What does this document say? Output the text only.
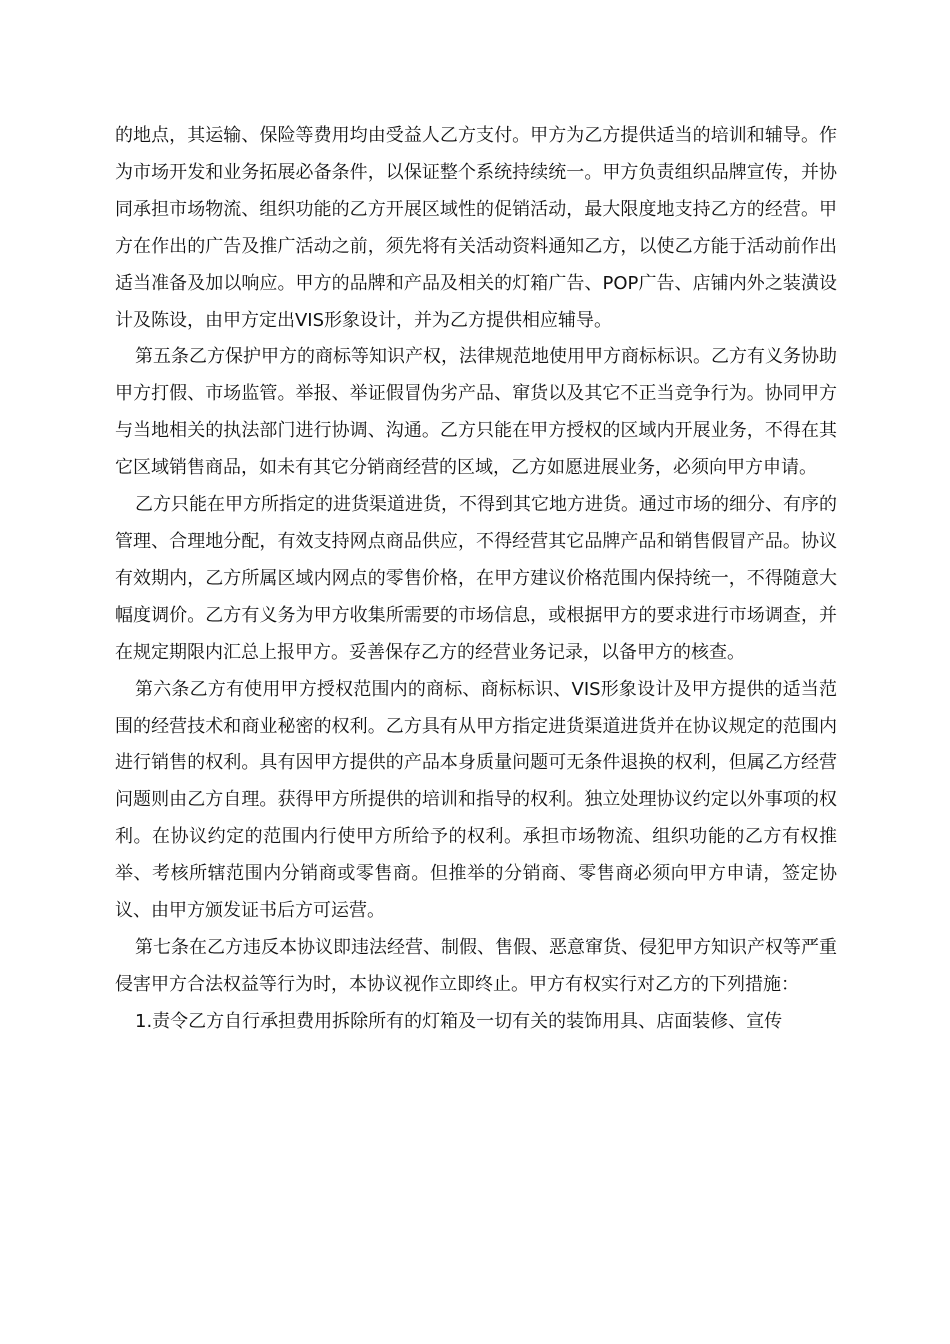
的地点，其运输、保险等费用均由受益人乙方支付。甲方为乙方提供适当的培训和辅导。作为市场开发和业务拓展必备条件，以保证整个系统持续统一。甲方负责组织品牌宣传，并协同承担市场物流、组织功能的乙方开展区域性的促销活动，最大限度地支持乙方的经营。甲方在作出的广告及推广活动之前，须先将有关活动资料通知乙方，以使乙方能于活动前作出适当准备及加以响应。甲方的品牌和产品及相关的灯箱广告、POP广告、店铺内外之装潢设计及陈设，由甲方定出VIS形象设计，并为乙方提供相应辅导。

第五条乙方保护甲方的商标等知识产权，法律规范地使用甲方商标标识。乙方有义务协助甲方打假、市场监管。举报、举证假冒伪劣产品、窜货以及其它不正当竞争行为。协同甲方与当地相关的执法部门进行协调、沟通。乙方只能在甲方授权的区域内开展业务，不得在其它区域销售商品，如未有其它分销商经营的区域，乙方如愿进展业务，必须向甲方申请。

乙方只能在甲方所指定的进货渠道进货，不得到其它地方进货。通过市场的细分、有序的管理、合理地分配，有效支持网点商品供应，不得经营其它品牌产品和销售假冒产品。协议有效期内，乙方所属区域内网点的零售价格，在甲方建议价格范围内保持统一，不得随意大幅度调价。乙方有义务为甲方收集所需要的市场信息，或根据甲方的要求进行市场调查，并在规定期限内汇总上报甲方。妥善保存乙方的经营业务记录，以备甲方的核查。

第六条乙方有使用甲方授权范围内的商标、商标标识、VIS形象设计及甲方提供的适当范围的经营技术和商业秘密的权利。乙方具有从甲方指定进货渠道进货并在协议规定的范围内进行销售的权利。具有因甲方提供的产品本身质量问题可无条件退换的权利，但属乙方经营问题则由乙方自理。获得甲方所提供的培训和指导的权利。独立处理协议约定以外事项的权利。在协议约定的范围内行使甲方所给予的权利。承担市场物流、组织功能的乙方有权推举、考核所辖范围内分销商或零售商。但推举的分销商、零售商必须向甲方申请，签定协议、由甲方颁发证书后方可运营。

第七条在乙方违反本协议即违法经营、制假、售假、恶意窜货、侵犯甲方知识产权等严重侵害甲方合法权益等行为时，本协议视作立即终止。甲方有权实行对乙方的下列措施：

1.责令乙方自行承担费用拆除所有的灯箱及一切有关的装饰用具、店面装修、宣传
